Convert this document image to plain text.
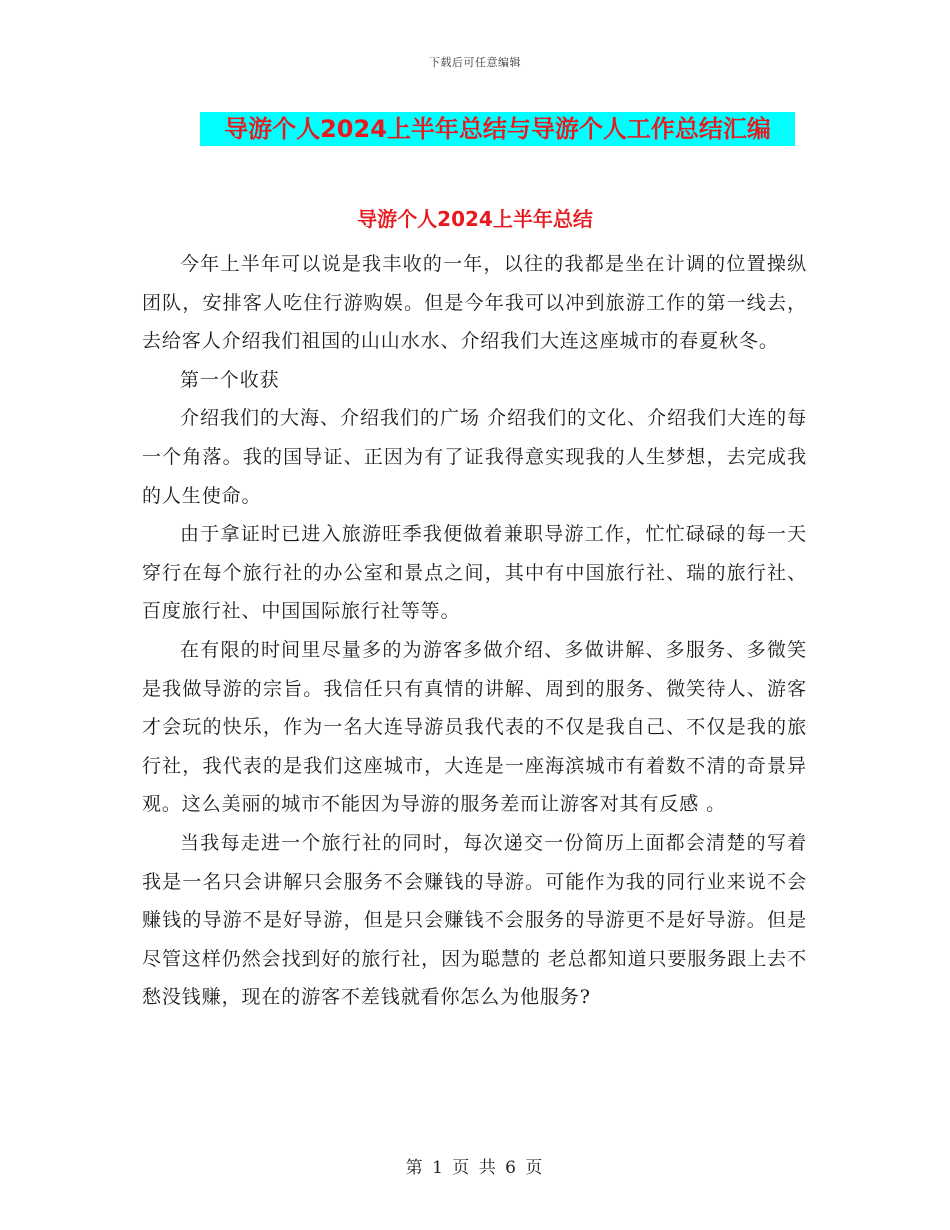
下载后可任意编辑
导游个人2024上半年总结与导游个人工作总结汇编
导游个人2024上半年总结

今年上半年可以说是我丰收的一年，以往的我都是坐在计调的位置操纵团队，安排客人吃住行游购娱。但是今年我可以冲到旅游工作的第一线去，去给客人介绍我们祖国的山山水水、介绍我们大连这座城市的春夏秋冬。

第一个收获

介绍我们的大海、介绍我们的广场 介绍我们的文化、介绍我们大连的每一个角落。我的国导证、正因为有了证我得意实现我的人生梦想，去完成我的人生使命。

由于拿证时已进入旅游旺季我便做着兼职导游工作，忙忙碌碌的每一天穿行在每个旅行社的办公室和景点之间，其中有中国旅行社、瑞的旅行社、百度旅行社、中国国际旅行社等等。

在有限的时间里尽量多的为游客多做介绍、多做讲解、多服务、多微笑是我做导游的宗旨。我信任只有真情的讲解、周到的服务、微笑待人、游客才会玩的快乐，作为一名大连导游员我代表的不仅是我自己、不仅是我的旅行社，我代表的是我们这座城市，大连是一座海滨城市有着数不清的奇景异观。这么美丽的城市不能因为导游的服务差而让游客对其有反感 。

当我每走进一个旅行社的同时，每次递交一份简历上面都会清楚的写着我是一名只会讲解只会服务不会赚钱的导游。可能作为我的同行业来说不会赚钱的导游不是好导游，但是只会赚钱不会服务的导游更不是好导游。但是尽管这样仍然会找到好的旅行社，因为聪慧的 老总都知道只要服务跟上去不愁没钱赚，现在的游客不差钱就看你怎么为他服务?

第 1 页 共 6 页
